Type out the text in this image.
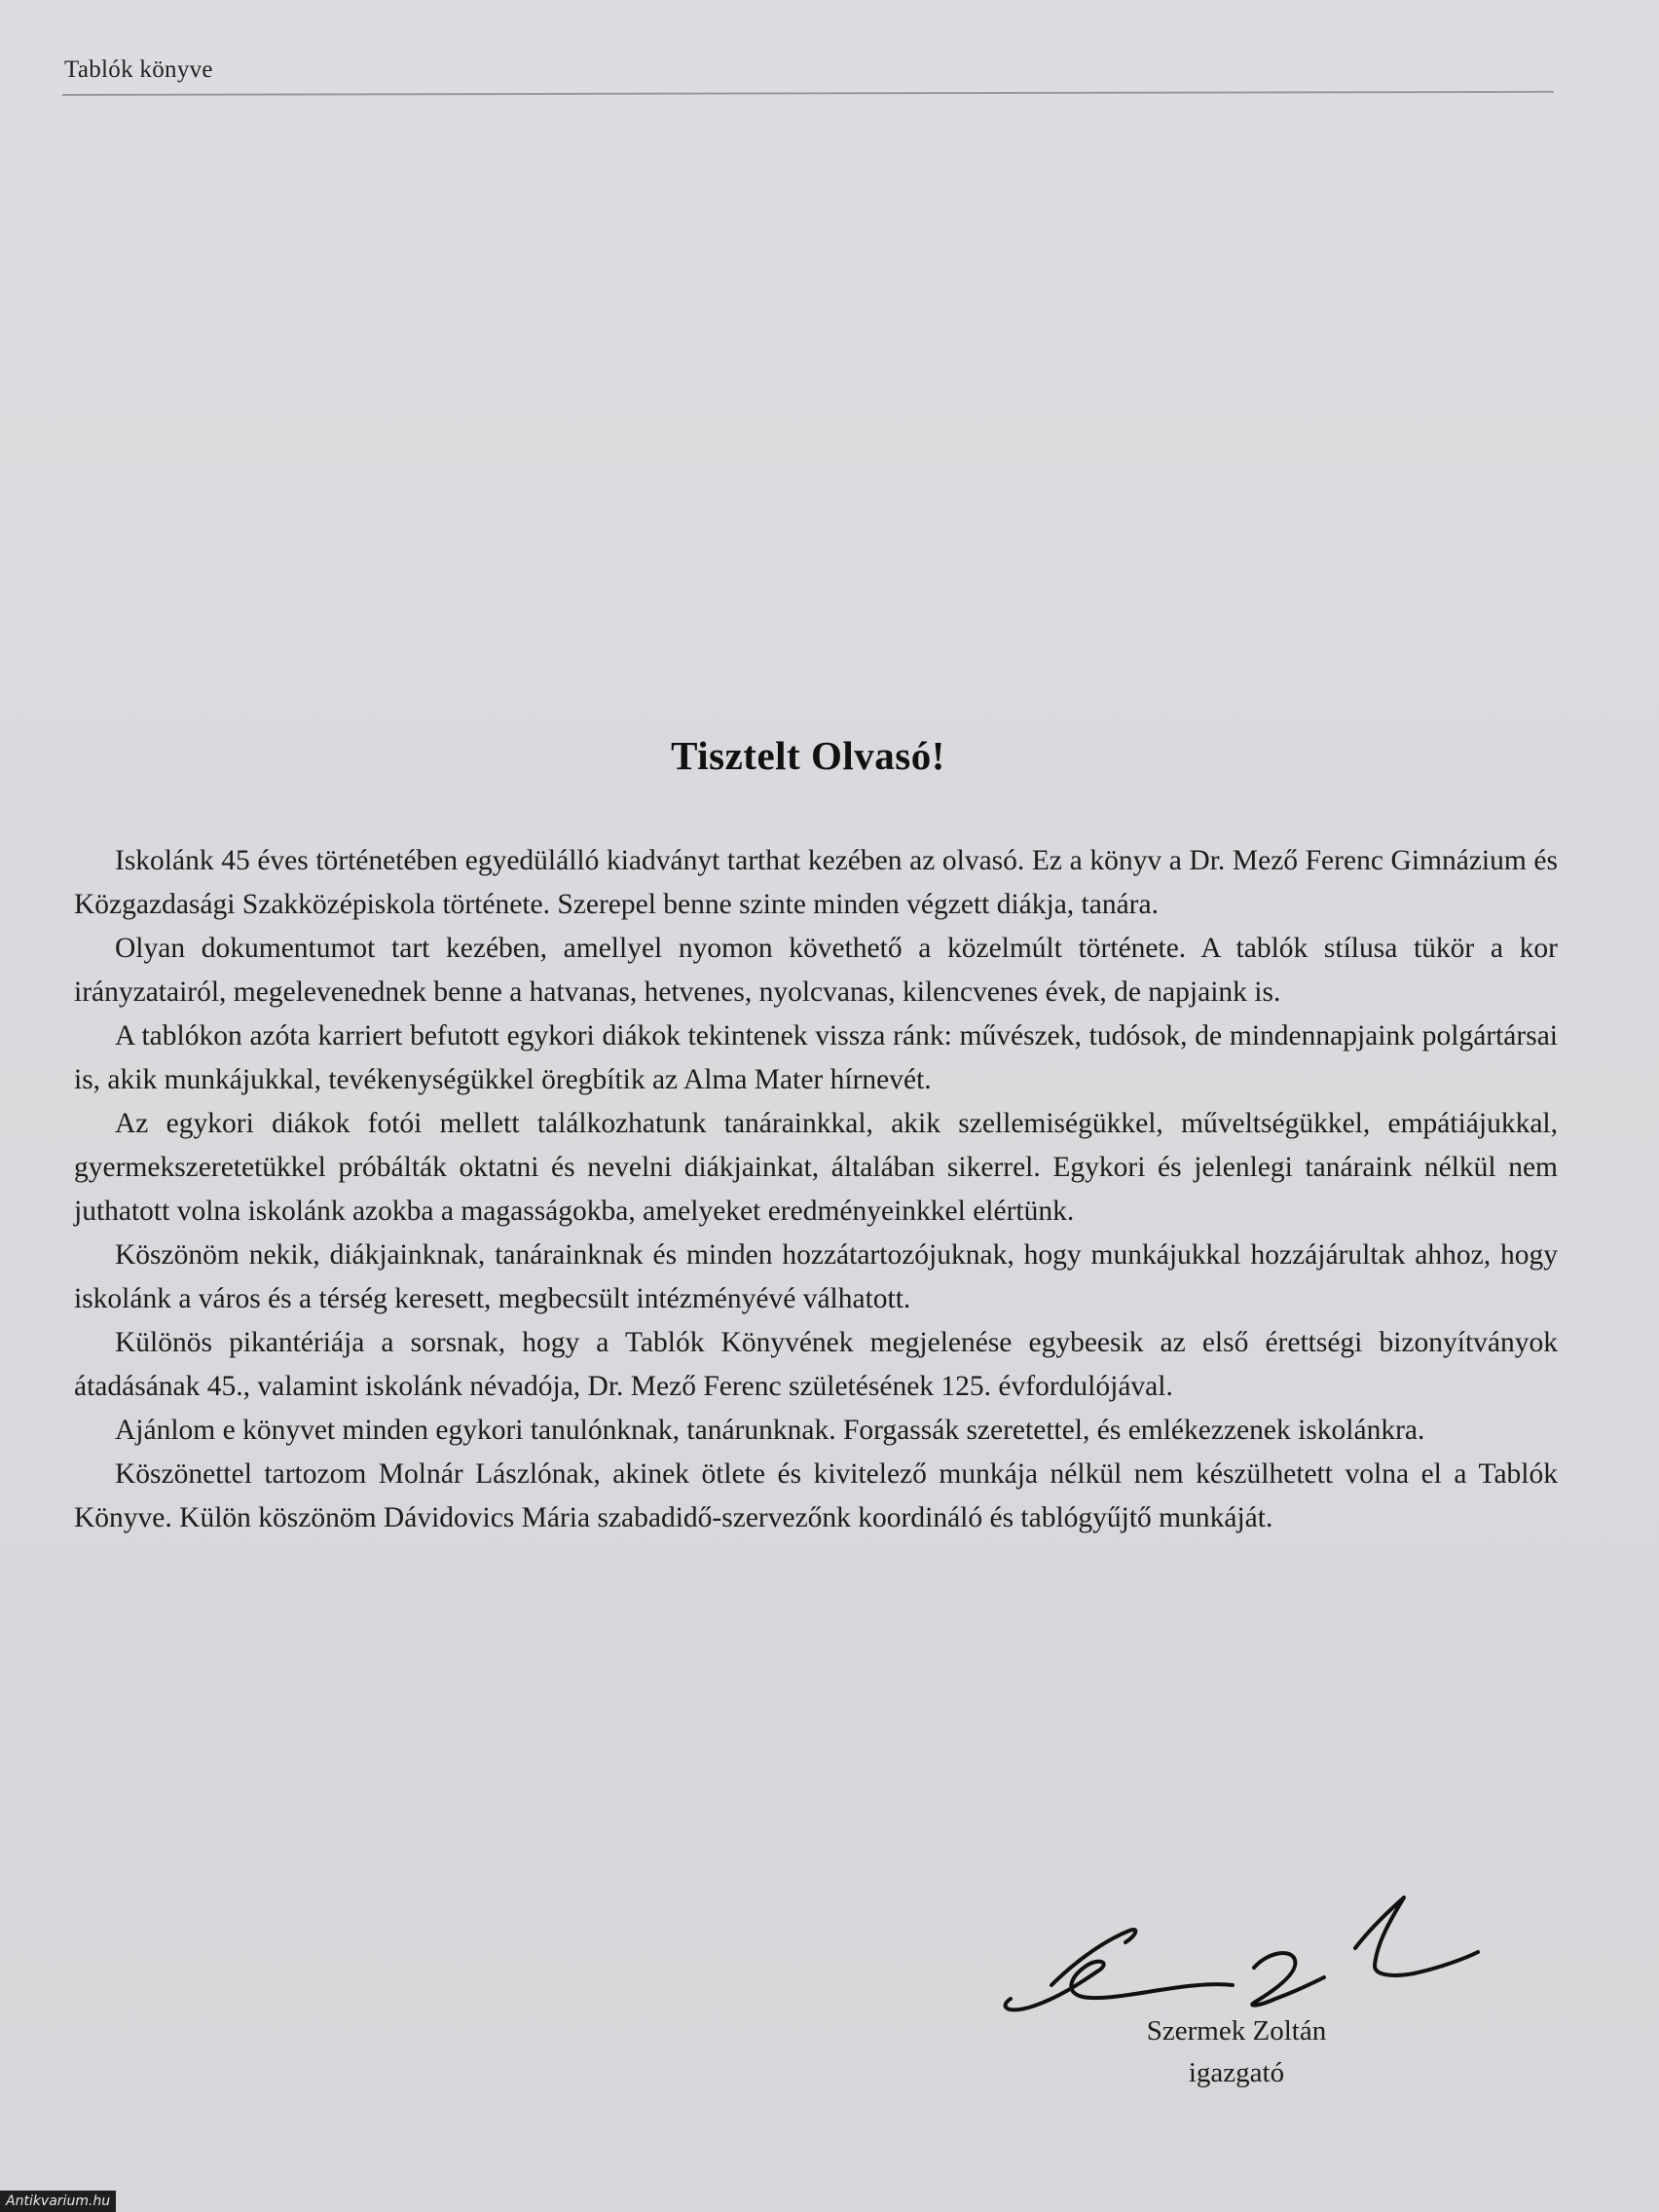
Tablók könyve
Tisztelt Olvasó!

Iskolánk 45 éves történetében egyedülálló kiadványt tarthat kezében az olvasó. Ez a könyv a Dr. Mező Ferenc Gimnázium és Közgazdasági Szakközépiskola története. Szerepel benne szinte minden végzett diákja, tanára.

Olyan dokumentumot tart kezében, amellyel nyomon követhető a közelmúlt története. A tablók stílusa tükör a kor irányzatairól, megelevenednek benne a hatvanas, hetvenes, nyolcvanas, kilencvenes évek, de napjaink is.

A tablókon azóta karriert befutott egykori diákok tekintenek vissza ránk: művészek, tudósok, de mindennapjaink polgártársai is, akik munkájukkal, tevékenységükkel öregbítik az Alma Mater hírnevét.

Az egykori diákok fotói mellett találkozhatunk tanárainkkal, akik szellemiségükkel, műveltségükkel, empátiájukkal, gyermekszeretetükkel próbálták oktatni és nevelni diákjainkat, általában sikerrel. Egykori és jelenlegi tanáraink nélkül nem juthatott volna iskolánk azokba a magasságokba, amelyeket eredményeinkkel elértünk.

Köszönöm nekik, diákjainknak, tanárainknak és minden hozzátartozójuknak, hogy munkájukkal hozzájárultak ahhoz, hogy iskolánk a város és a térség keresett, megbecsült intézményévé válhatott.

Különös pikantériája a sorsnak, hogy a Tablók Könyvének megjelenése egybeesik az első érettségi bizonyítványok átadásának 45., valamint iskolánk névadója, Dr. Mező Ferenc születésének 125. évfordulójával.

Ajánlom e könyvet minden egykori tanulónknak, tanárunknak. Forgassák szeretettel, és emlékezzenek iskolánkra.

Köszönettel tartozom Molnár Lászlónak, akinek ötlete és kivitelező munkája nélkül nem készülhetett volna el a Tablók Könyve. Külön köszönöm Dávidovics Mária szabadidő-szervezőnk koordináló és tablógyűjtő munkáját.

Szermek Zoltán
igazgató
Antikvarium.hu
